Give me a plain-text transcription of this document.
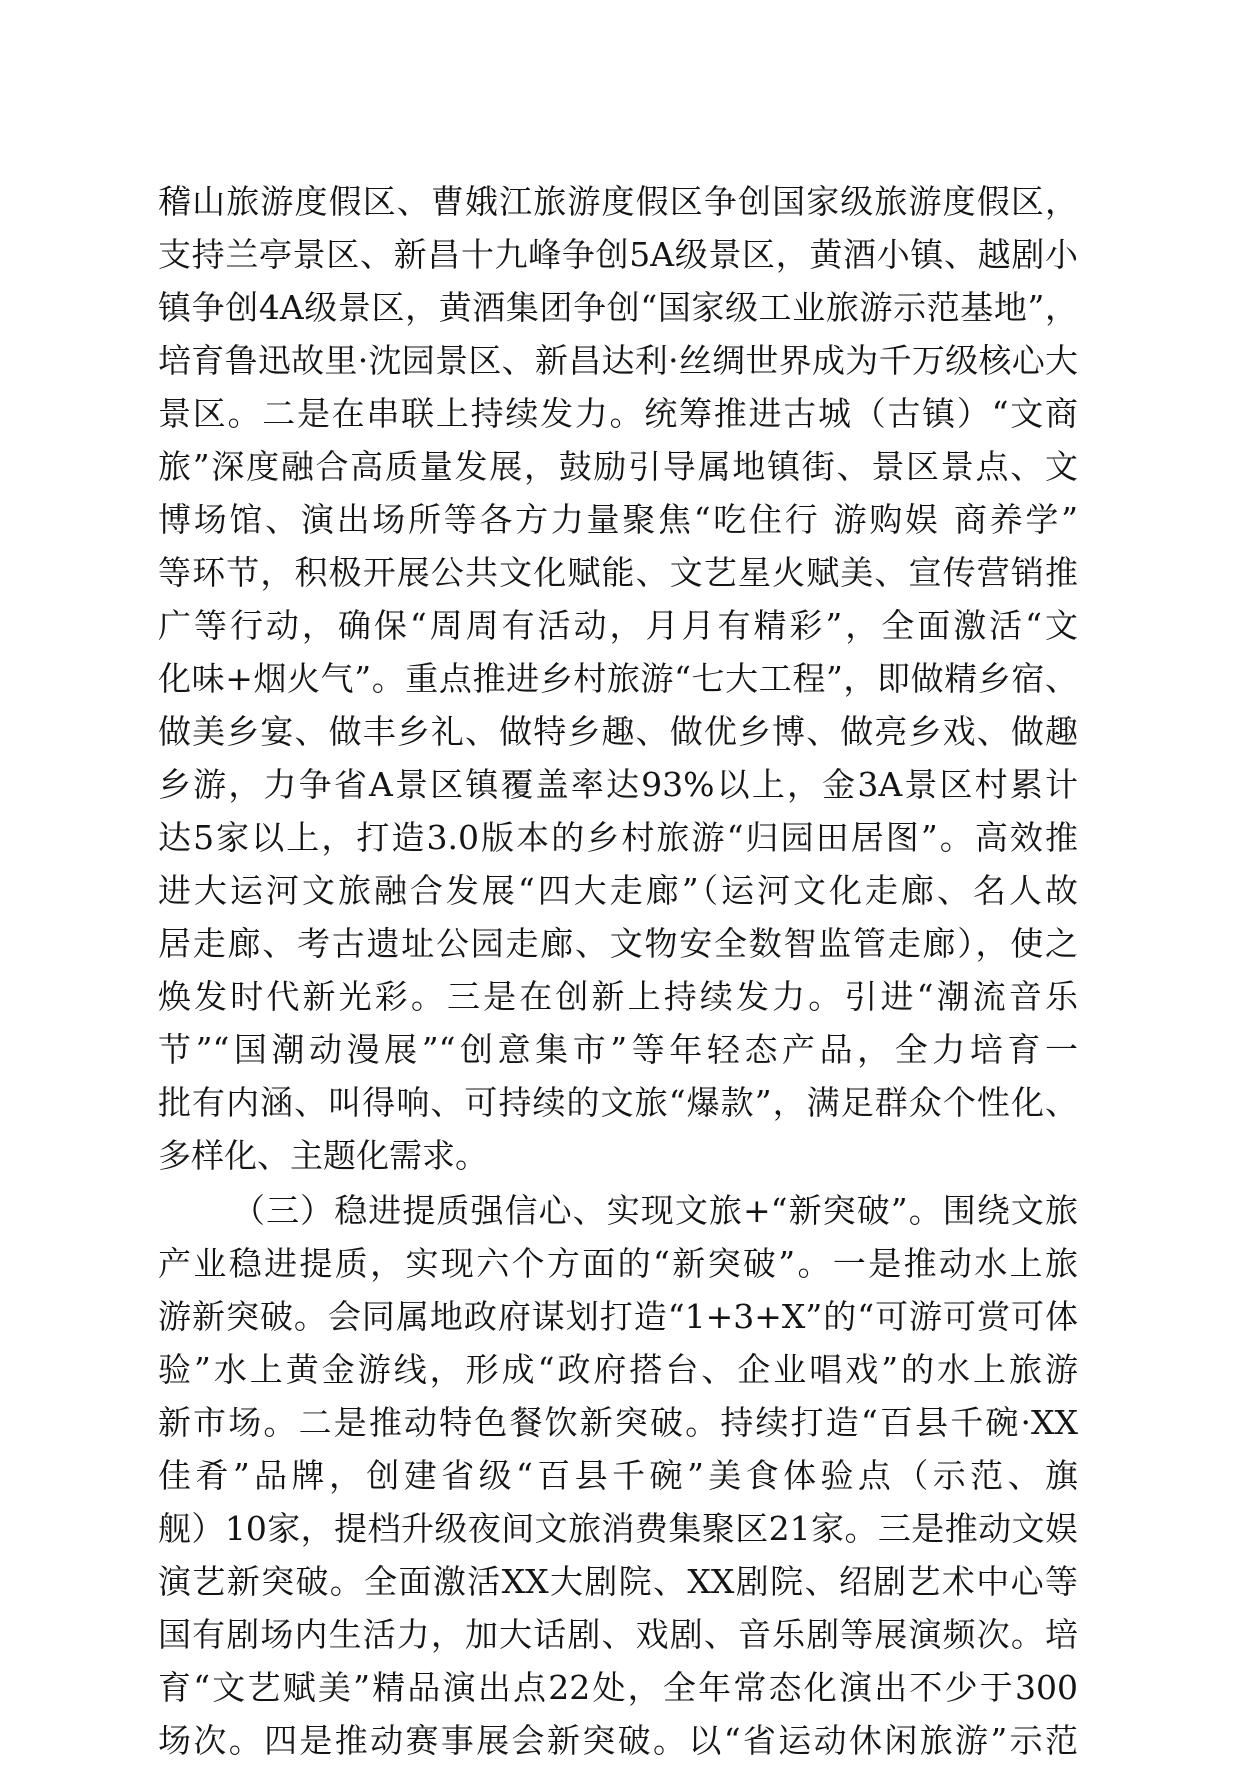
稽山旅游度假区、曹娥江旅游度假区争创国家级旅游度假区，
支持兰亭景区、新昌十九峰争创5A级景区，黄酒小镇、越剧小
镇争创4A级景区，黄酒集团争创“国家级工业旅游示范基地”，
培育鲁迅故里·沈园景区、新昌达利·丝绸世界成为千万级核心大
景区。二是在串联上持续发力。统筹推进古城（古镇）“文商
旅”深度融合高质量发展，鼓励引导属地镇街、景区景点、文
博场馆、演出场所等各方力量聚焦“吃住行 游购娱 商养学”
等环节，积极开展公共文化赋能、文艺星火赋美、宣传营销推
广等行动，确保“周周有活动，月月有精彩”，全面激活“文
化味+烟火气”。重点推进乡村旅游“七大工程”，即做精乡宿、
做美乡宴、做丰乡礼、做特乡趣、做优乡博、做亮乡戏、做趣
乡游，力争省A景区镇覆盖率达93%以上，金3A景区村累计
达5家以上，打造3.0版本的乡村旅游“归园田居图”。高效推
进大运河文旅融合发展“四大走廊”（运河文化走廊、名人故
居走廊、考古遗址公园走廊、文物安全数智监管走廊），使之
焕发时代新光彩。三是在创新上持续发力。引进“潮流音乐
节”“国潮动漫展”“创意集市”等年轻态产品，全力培育一
批有内涵、叫得响、可持续的文旅“爆款”，满足群众个性化、
多样化、主题化需求。
（三）稳进提质强信心、实现文旅+“新突破”。围绕文旅
产业稳进提质，实现六个方面的“新突破”。一是推动水上旅
游新突破。会同属地政府谋划打造“1+3+X”的“可游可赏可体
验”水上黄金游线，形成“政府搭台、企业唱戏”的水上旅游
新市场。二是推动特色餐饮新突破。持续打造“百县千碗·XX
佳肴”品牌，创建省级“百县千碗”美食体验点（示范、旗
舰）10家，提档升级夜间文旅消费集聚区21家。三是推动文娱
演艺新突破。全面激活XX大剧院、XX剧院、绍剧艺术中心等
国有剧场内生活力，加大话剧、戏剧、音乐剧等展演频次。培
育“文艺赋美”精品演出点22处，全年常态化演出不少于300
场次。四是推动赛事展会新突破。以“省运动休闲旅游”示范
